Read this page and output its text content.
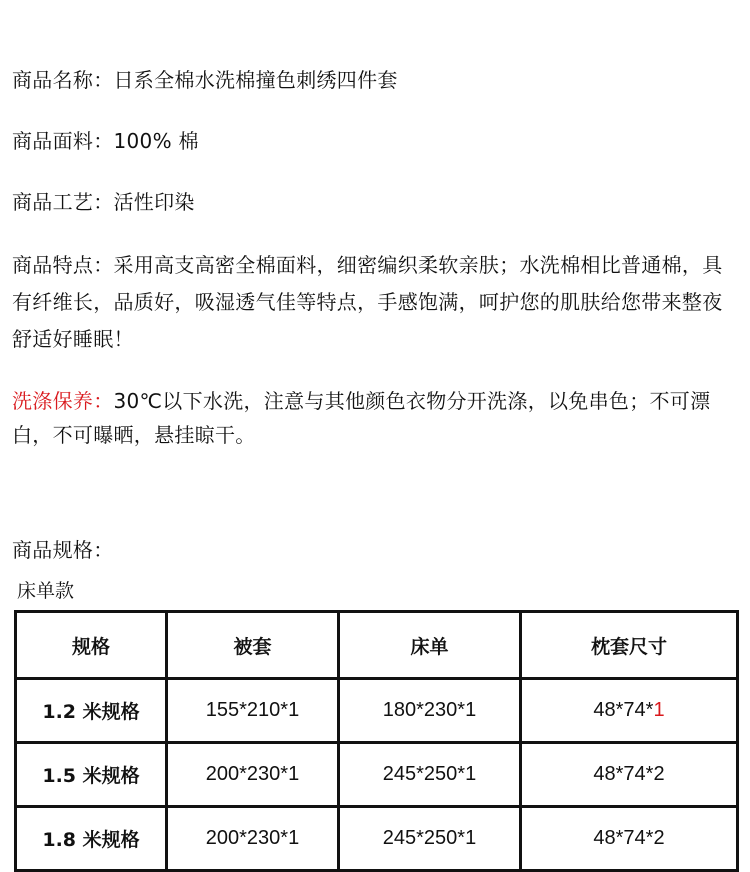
商品名称：日系全棉水洗棉撞色刺绣四件套
商品面料：100% 棉
商品工艺：活性印染
商品特点：采用高支高密全棉面料，细密编织柔软亲肤；水洗棉相比普通棉，具有纤维长，品质好，吸湿透气佳等特点，手感饱满，呵护您的肌肤给您带来整夜舒适好睡眠！
洗涤保养：30℃以下水洗，注意与其他颜色衣物分开洗涤，以免串色；不可漂白，不可曝晒，悬挂晾干。
商品规格：
床单款
规格	被套	床单	枕套尺寸
1.2 米规格	155*210*1	180*230*1	48*74*1
1.5 米规格	200*230*1	245*250*1	48*74*2
1.8 米规格	200*230*1	245*250*1	48*74*2
